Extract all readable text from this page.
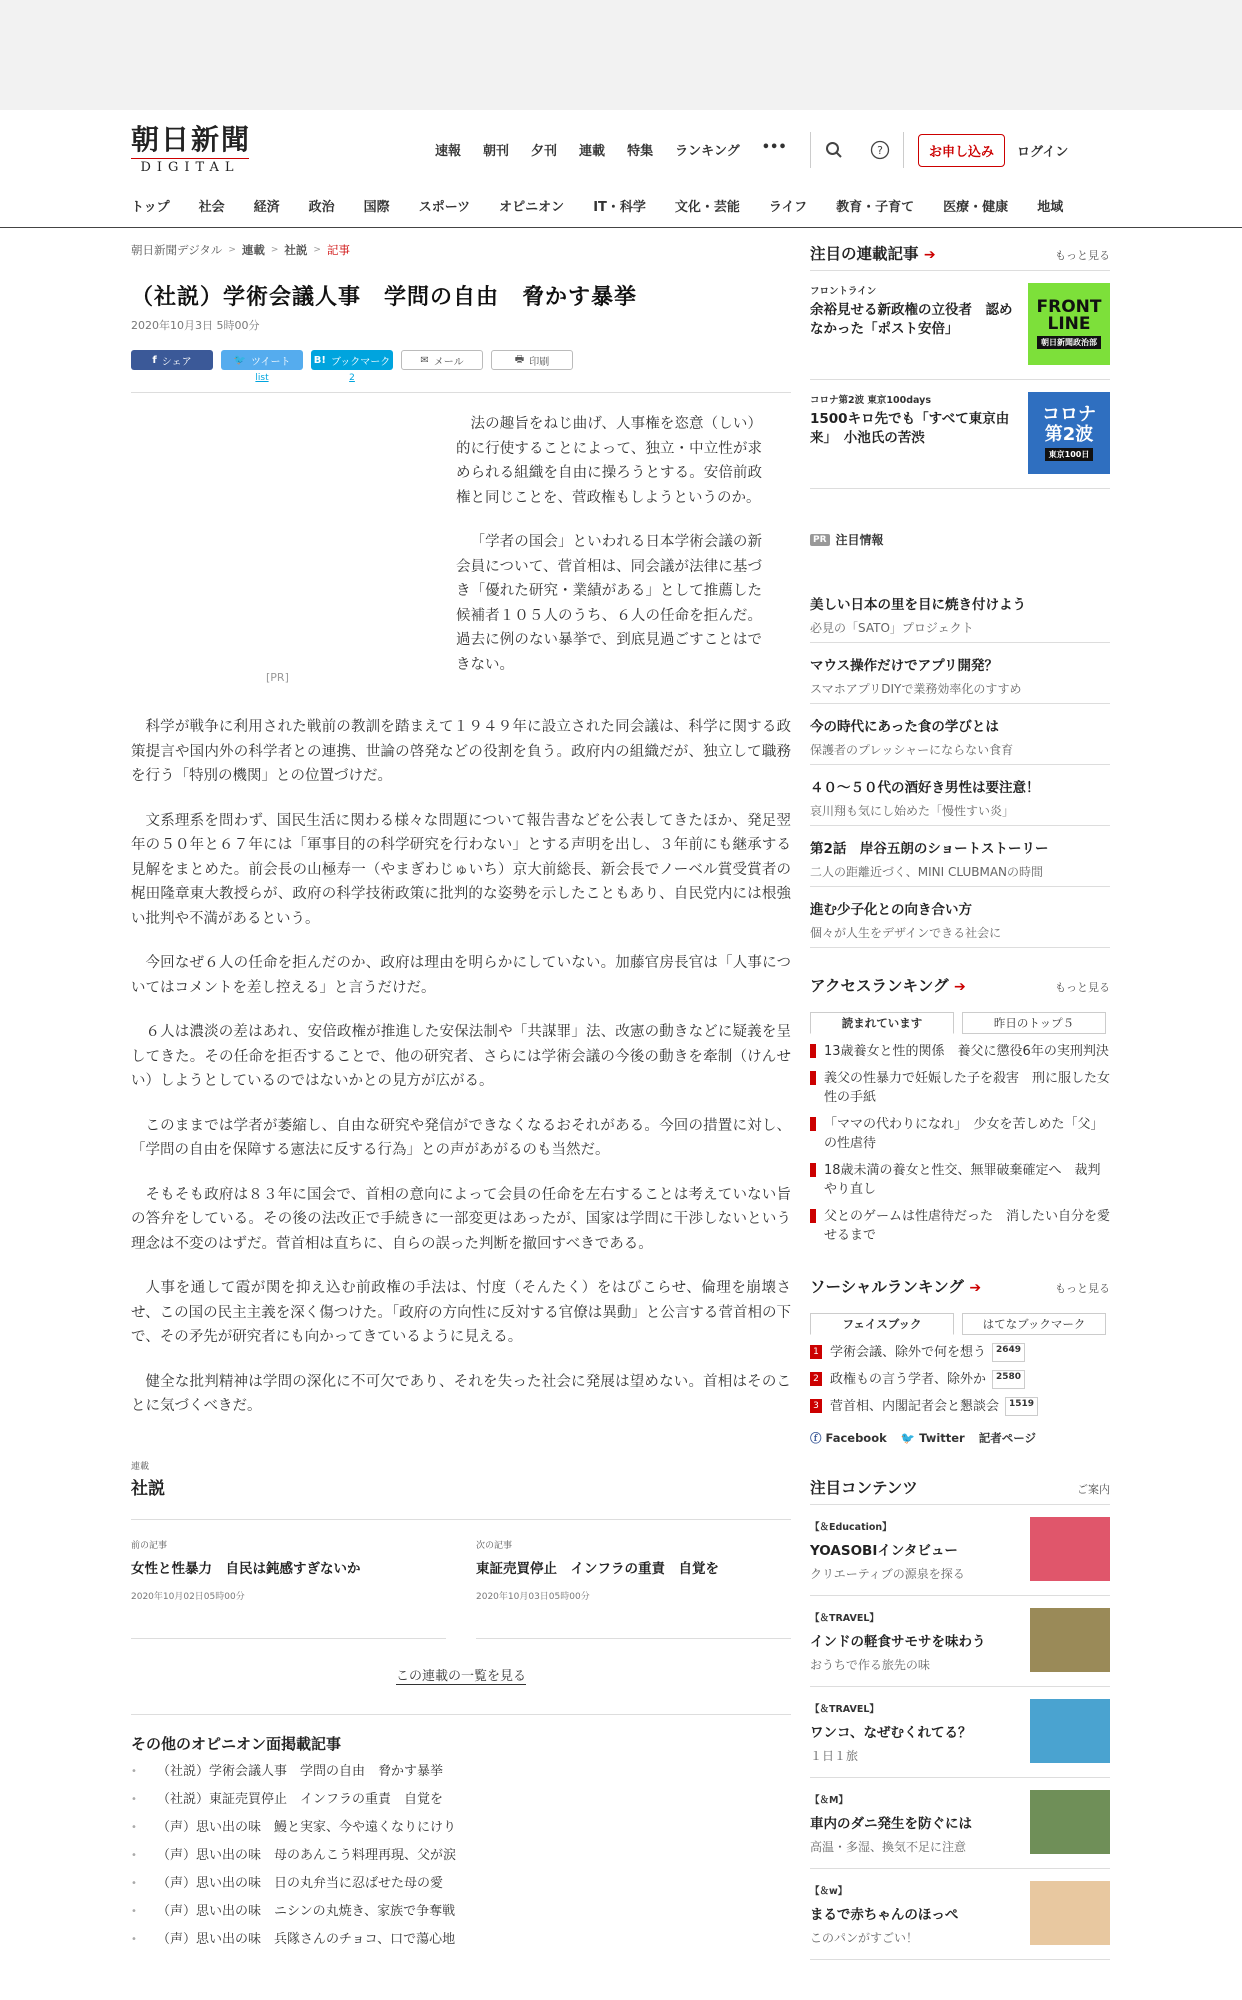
朝日新聞
DIGITAL
速報 朝刊 夕刊 連載 特集 ランキング •••	?	お申し込み	ログイン
トップ 社会 経済 政治 国際 スポーツ オピニオン IT・科学 文化・芸能 ライフ 教育・子育て 医療・健康 地域
朝日新聞デジタル > 連載 > 社説 > 記事
（社説）学術会議人事　学問の自由　脅かす暴挙
2020年10月3日 5時00分
f シェア	🐦 ツイート
list
B! ブックマーク
2
✉ メール	🖶 印刷
[PR]

法の趣旨をねじ曲げ、人事権を恣意（しい）的に行使することによって、独立・中立性が求められる組織を自由に操ろうとする。安倍前政権と同じことを、菅政権もしようというのか。

「学者の国会」といわれる日本学術会議の新会員について、菅首相は、同会議が法律に基づき「優れた研究・業績がある」として推薦した候補者１０５人のうち、６人の任命を拒んだ。過去に例のない暴挙で、到底見過ごすことはできない。

科学が戦争に利用された戦前の教訓を踏まえて１９４９年に設立された同会議は、科学に関する政策提言や国内外の科学者との連携、世論の啓発などの役割を負う。政府内の組織だが、独立して職務を行う「特別の機関」との位置づけだ。

文系理系を問わず、国民生活に関わる様々な問題について報告書などを公表してきたほか、発足翌年の５０年と６７年には「軍事目的の科学研究を行わない」とする声明を出し、３年前にも継承する見解をまとめた。前会長の山極寿一（やまぎわじゅいち）京大前総長、新会長でノーベル賞受賞者の梶田隆章東大教授らが、政府の科学技術政策に批判的な姿勢を示したこともあり、自民党内には根強い批判や不満があるという。

今回なぜ６人の任命を拒んだのか、政府は理由を明らかにしていない。加藤官房長官は「人事についてはコメントを差し控える」と言うだけだ。

６人は濃淡の差はあれ、安倍政権が推進した安保法制や「共謀罪」法、改憲の動きなどに疑義を呈してきた。その任命を拒否することで、他の研究者、さらには学術会議の今後の動きを牽制（けんせい）しようとしているのではないかとの見方が広がる。

このままでは学者が萎縮し、自由な研究や発信ができなくなるおそれがある。今回の措置に対し、「学問の自由を保障する憲法に反する行為」との声があがるのも当然だ。

そもそも政府は８３年に国会で、首相の意向によって会員の任命を左右することは考えていない旨の答弁をしている。その後の法改正で手続きに一部変更はあったが、国家は学問に干渉しないという理念は不変のはずだ。菅首相は直ちに、自らの誤った判断を撤回すべきである。

人事を通して霞が関を抑え込む前政権の手法は、忖度（そんたく）をはびこらせ、倫理を崩壊させ、この国の民主主義を深く傷つけた。「政府の方向性に反対する官僚は異動」と公言する菅首相の下で、その矛先が研究者にも向かってきているように見える。

健全な批判精神は学問の深化に不可欠であり、それを失った社会に発展は望めない。首相はそのことに気づくべきだ。

連載
社説
前の記事
女性と性暴力　自民は鈍感すぎないか
2020年10月02日05時00分
次の記事
東証売買停止　インフラの重責　自覚を
2020年10月03日05時00分
この連載の一覧を見る
その他のオピニオン面掲載記事
•	（社説）学術会議人事　学問の自由　脅かす暴挙
•	（社説）東証売買停止　インフラの重責　自覚を
•	（声）思い出の味　鰻と実家、今や遠くなりにけり
•	（声）思い出の味　母のあんこう料理再現、父が涙
•	（声）思い出の味　日の丸弁当に忍ばせた母の愛
•	（声）思い出の味　ニシンの丸焼き、家族で争奪戦
•	（声）思い出の味　兵隊さんのチョコ、口で蕩心地
注目の連載記事 ➔	もっと見る
フロントライン
余裕見せる新政権の立役者　認めなかった「ポスト安倍」
FRONT
LINE
朝日新聞政治部
コロナ第2波 東京100days
1500キロ先でも「すべて東京由来」　小池氏の苦渋
コロナ
第2波
東京100日
PR 注目情報
美しい日本の里を目に焼き付けよう
必見の「SATO」プロジェクト
マウス操作だけでアプリ開発？
スマホアプリDIYで業務効率化のすすめ
今の時代にあった食の学びとは
保護者のプレッシャーにならない食育
４０～５０代の酒好き男性は要注意！
哀川翔も気にし始めた「慢性すい炎」
第2話　岸谷五朗のショートストーリー
二人の距離近づく、MINI CLUBMANの時間
進む少子化との向き合い方
個々が人生をデザインできる社会に
アクセスランキング ➔	もっと見る
読まれています	昨日のトップ５
13歳養女と性的関係　養父に懲役6年の実刑判決
義父の性暴力で妊娠した子を殺害　刑に服した女性の手紙
「ママの代わりになれ」　少女を苦しめた「父」の性虐待
18歳未満の養女と性交、無罪破棄確定へ　裁判やり直し
父とのゲームは性虐待だった　消したい自分を愛せるまで
ソーシャルランキング ➔	もっと見る
フェイスブック	はてなブックマーク
1 学術会議、除外で何を想う	2649
2 政権もの言う学者、除外か	2580
3 菅首相、内閣記者会と懇談会	1519
ⓕ Facebook 🐦 Twitter 記者ページ
注目コンテンツ	ご案内
【＆Education】
YOASOBIインタビュー
クリエーティブの源泉を探る
【＆TRAVEL】
インドの軽食サモサを味わう
おうちで作る旅先の味
【＆TRAVEL】
ワンコ、なぜむくれてる？
１日１旅
【＆M】
車内のダニ発生を防ぐには
高温・多湿、換気不足に注意
【＆w】
まるで赤ちゃんのほっぺ
このパンがすごい！
